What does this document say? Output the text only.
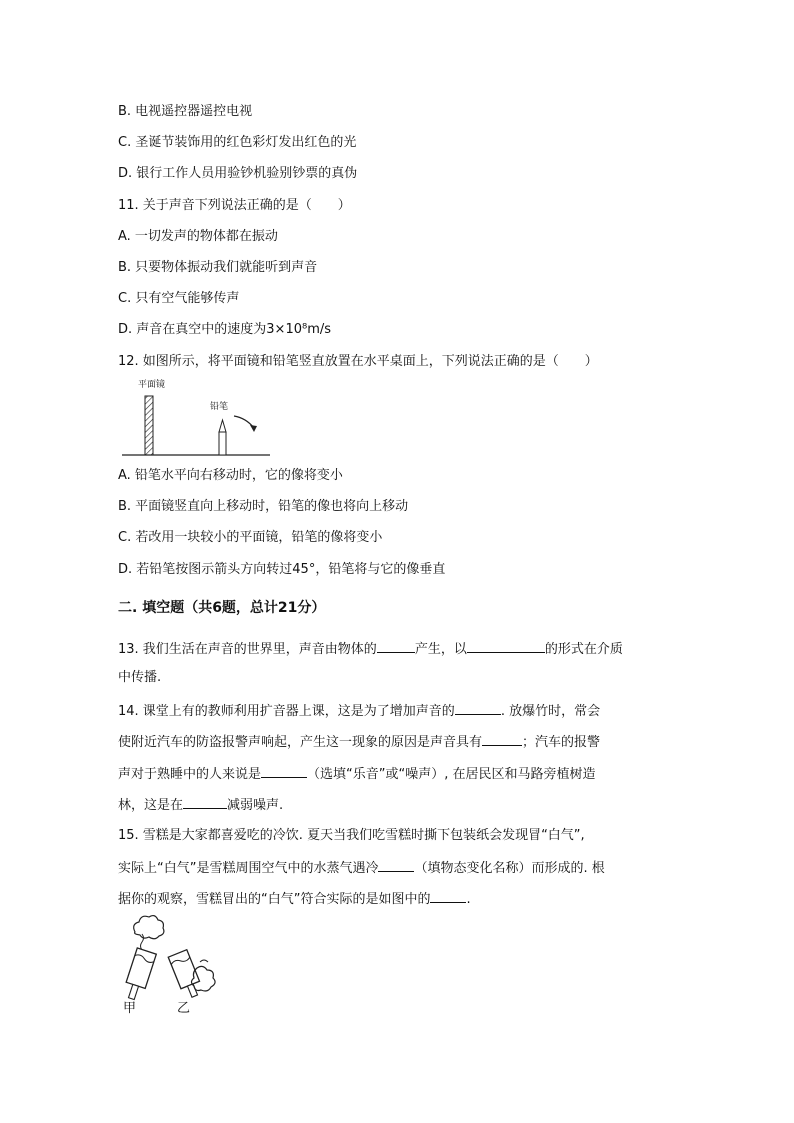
B. 电视遥控器遥控电视
C. 圣诞节装饰用的红色彩灯发出红色的光
D. 银行工作人员用验钞机验别钞票的真伪
11. 关于声音下列说法正确的是（　　）
A. 一切发声的物体都在振动
B. 只要物体振动我们就能听到声音
C. 只有空气能够传声
D. 声音在真空中的速度为3×10⁸m/s
12. 如图所示，将平面镜和铅笔竖直放置在水平桌面上，下列说法正确的是（　　）
平面镜
铅笔
A. 铅笔水平向右移动时，它的像将变小
B. 平面镜竖直向上移动时，铅笔的像也将向上移动
C. 若改用一块较小的平面镜，铅笔的像将变小
D. 若铅笔按图示箭头方向转过45°，铅笔将与它的像垂直
二. 填空题（共6题，总计21分）
13. 我们生活在声音的世界里，声音由物体的	产生，以	的形式在介质
中传播.
14. 课堂上有的教师利用扩音器上课，这是为了增加声音的	. 放爆竹时，常会
使附近汽车的防盗报警声响起，产生这一现象的原因是声音具有	；汽车的报警
声对于熟睡中的人来说是	（选填“乐音”或“噪声）, 在居民区和马路旁植树造
林，这是在	减弱噪声.
15. 雪糕是大家都喜爱吃的冷饮. 夏天当我们吃雪糕时撕下包装纸会发现冒“白气”,
实际上“白气”是雪糕周围空气中的水蒸气遇冷	（填物态变化名称）而形成的. 根
据你的观察，雪糕冒出的“白气”符合实际的是如图中的	.
甲	乙
